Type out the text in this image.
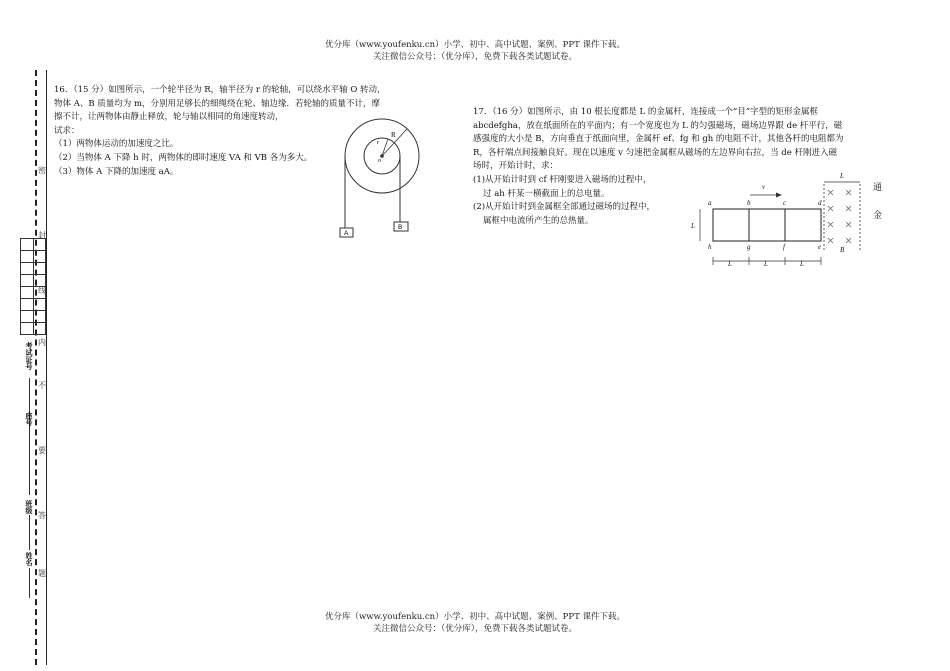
优分库（www.youfenku.cn）小学、初中、高中试题、案例、PPT 课件下载。
关注微信公众号：（优分库），免费下载各类试题试卷。
密
封
线
内
不
要
答
题
考试证号
座号
班级
姓名

16．（15 分）如图所示，一个轮半径为 R，轴半径为 r 的轮轴，可以绕水平轴 O 转动，

物体 A、B 质量均为 m，分别用足够长的细绳绕在轮、轴边缘．若轮轴的质量不计，摩

擦不计，让两物体由静止释放，轮与轴以相同的角速度转动，

试求：

（1）两物体运动的加速度之比。

（2）当物体 A 下降 h 时，两物体的即时速度 VA 和 VB 各为多大。

（3）物体 A 下降的加速度 aA。

R
r
o
A
B

17．（16 分）如图所示，由 10 根长度都是 L 的金属杆，连接成一个“目”字型的矩形金属框

abcdefgha，放在纸面所在的平面内；有一个宽度也为 L 的匀强磁场，磁场边界跟 de 杆平行，磁

感强度的大小是 B，方向垂直于纸面向里，金属杆 ef、fg 和 gh 的电阻不计，其他各杆的电阻都为

R，各杆端点间接触良好。现在以速度 v 匀速把金属框从磁场的左边界向右拉，当 de 杆刚进入磁

场时，开始计时，求：

(1)从开始计时到 cf 杆刚要进入磁场的过程中，

过 ah 杆某一横截面上的总电量。

(2)从开始计时到金属框全部通过磁场的过程中，

属框中电流所产生的总热量。

通
金
v
L
L
L	L	L
B
a	b	c	d
h	g	f	e
优分库（www.youfenku.cn）小学、初中、高中试题、案例、PPT 课件下载。
关注微信公众号：（优分库），免费下载各类试题试卷。
